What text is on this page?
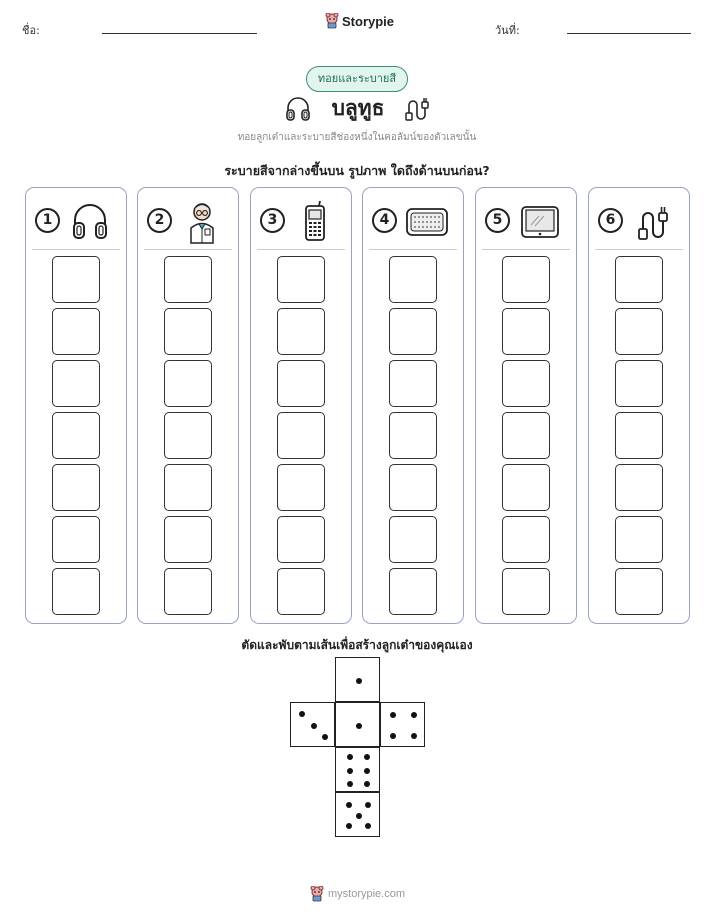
ชื่อ:
Storypie
วันที่:
ทอยและระบายสี
บลูทูธ
ทอยลูกเต๋าและระบายสีช่องหนึ่งในคอลัมน์ของตัวเลขนั้น
ระบายสีจากล่างขึ้นบน รูปภาพ ใดถึงด้านบนก่อน?
1	2	3	4	5	6
ตัดและพับตามเส้นเพื่อสร้างลูกเต๋าของคุณเอง
mystorypie.com
